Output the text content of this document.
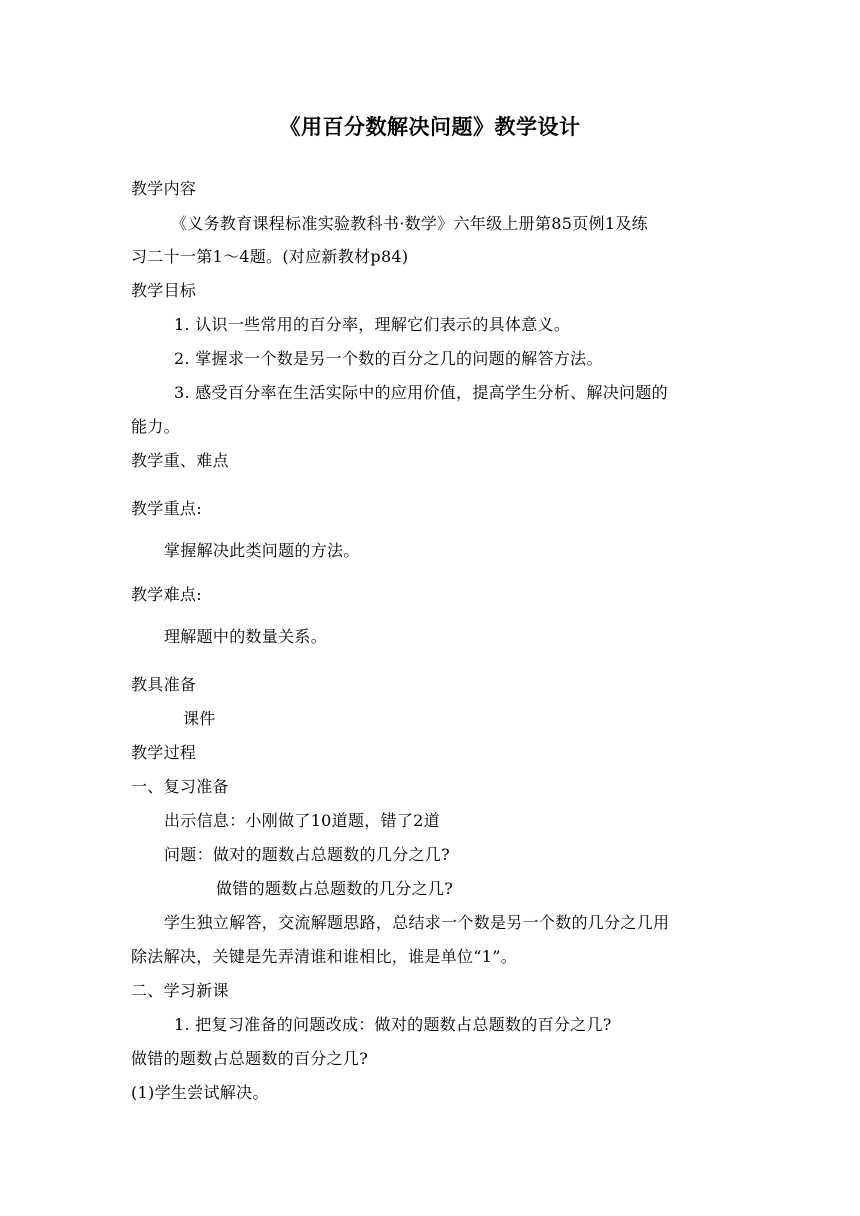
《用百分数解决问题》教学设计
教学内容
《义务教育课程标准实验教科书·数学》六年级上册第85页例1及练
习二十一第1～4题。(对应新教材p84)
教学目标
1. 认识一些常用的百分率，理解它们表示的具体意义。
2. 掌握求一个数是另一个数的百分之几的问题的解答方法。
3. 感受百分率在生活实际中的应用价值，提高学生分析、解决问题的
能力。
教学重、难点
教学重点:
掌握解决此类问题的方法。
教学难点:
理解题中的数量关系。
教具准备
课件
教学过程
一、复习准备
出示信息：小刚做了10道题，错了2道
问题：做对的题数占总题数的几分之几?
做错的题数占总题数的几分之几?
学生独立解答，交流解题思路，总结求一个数是另一个数的几分之几用
除法解决，关键是先弄清谁和谁相比，谁是单位“1”。
二、学习新课
1. 把复习准备的问题改成：做对的题数占总题数的百分之几?
做错的题数占总题数的百分之几?
(1)学生尝试解决。
